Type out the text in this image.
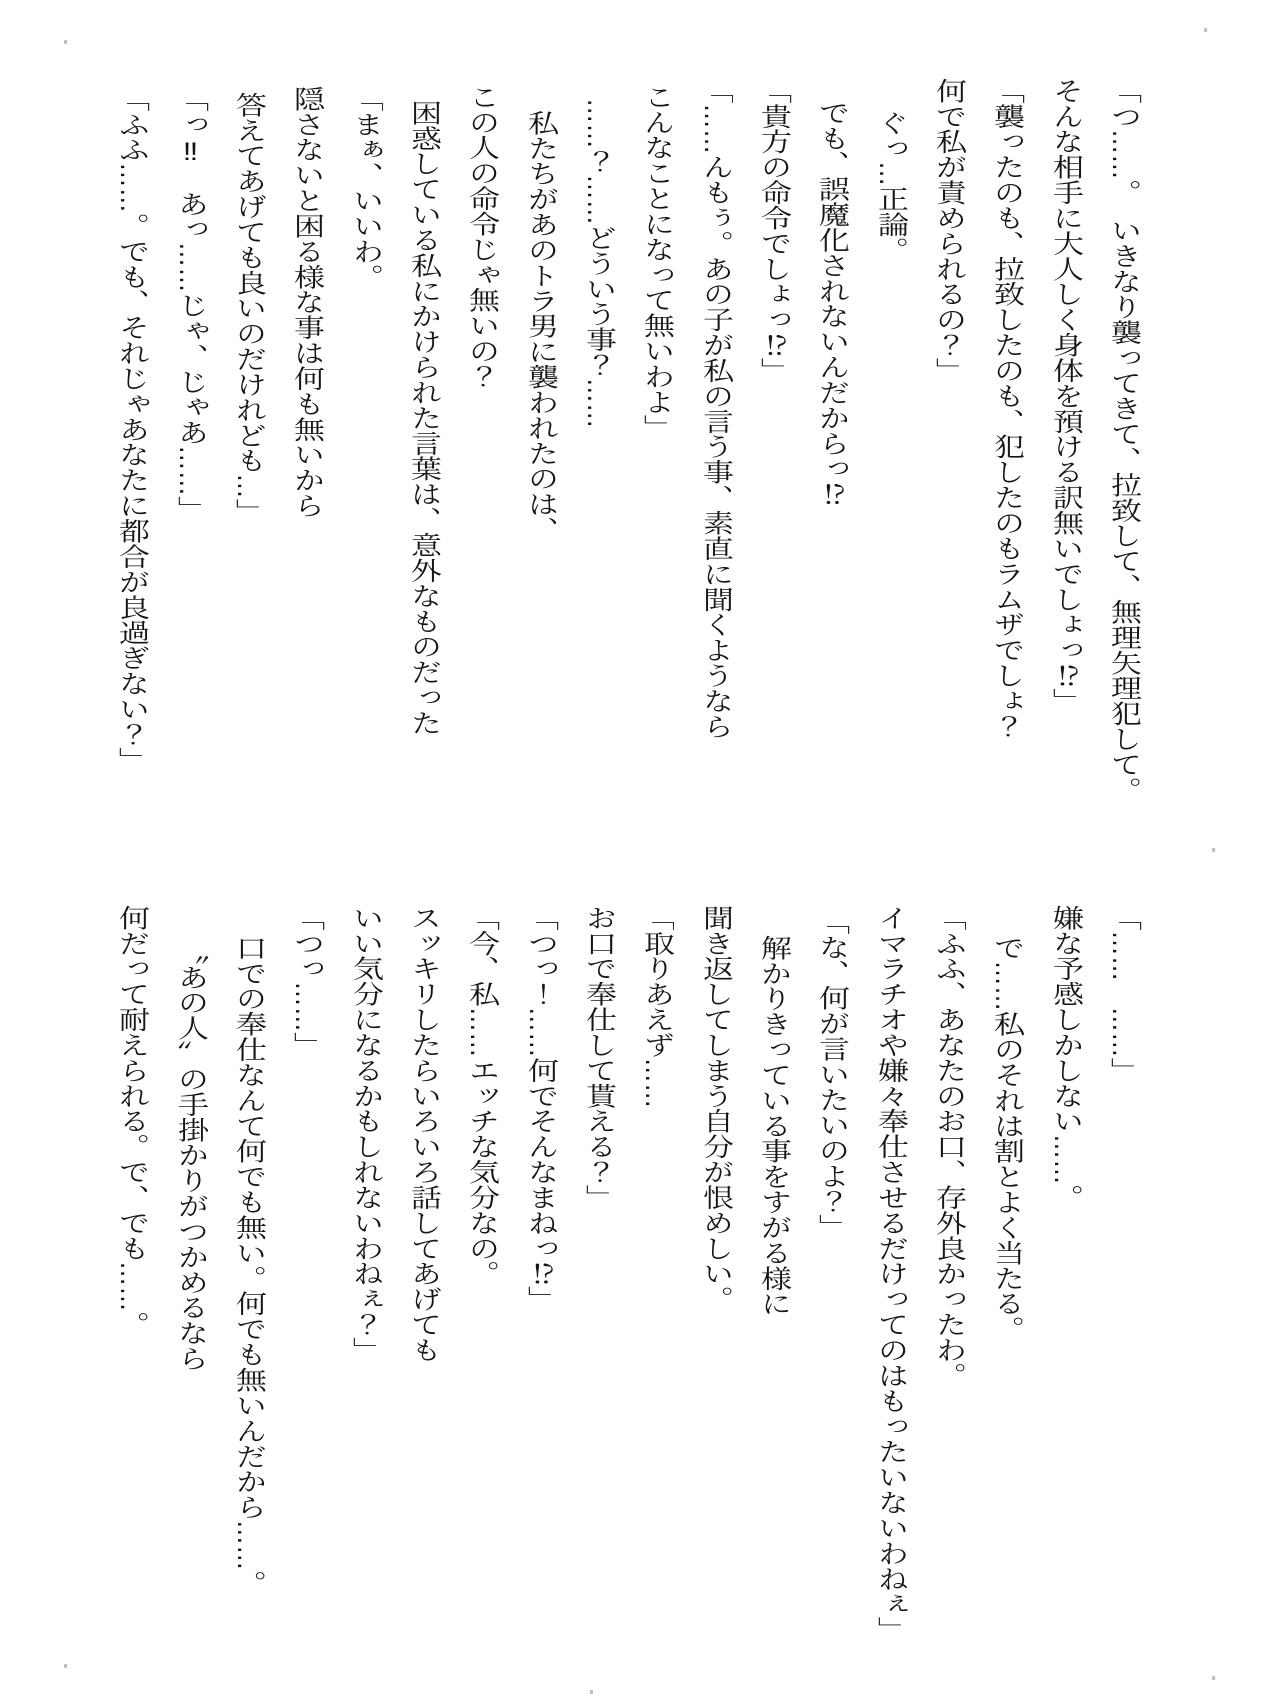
「つ……。　いきなり襲ってきて、拉致して、無理矢理犯して。
そんな相手に大人しく身体を預ける訳無いでしょっ⁉」
「襲ったのも、拉致したのも、犯したのもラムザでしょ？
何で私が責められるの？」
ぐっ…正論。
でも、誤魔化されないんだからっ⁉
「貴方の命令でしょっ⁉」
「……んもぅ。あの子が私の言う事、素直に聞くようなら
こんなことになって無いわよ」
……？……どういう事？……
私たちがあのトラ男に襲われたのは、
この人の命令じゃ無いの？
困惑している私にかけられた言葉は、意外なものだった
「まぁ、いいわ。
隠さないと困る様な事は何も無いから
答えてあげても良いのだけれども…」
「っ‼　あっ……じゃ、じゃあ……」
「ふふ……。でも、それじゃあなたに都合が良過ぎない？」
「……　……」
嫌な予感しかしない……。
で……私のそれは割とよく当たる。
「ふふ、あなたのお口、存外良かったわ。
イマラチオや嫌々奉仕させるだけってのはもったいないわねぇ」
「な、何が言いたいのよ？」
解かりきっている事をすがる様に
聞き返してしまう自分が恨めしい。
「取りあえず……
お口で奉仕して貰える？」
「つっ！……何でそんなまねっ⁉」
「今、私……エッチな気分なの。
スッキリしたらいろいろ話してあげても
いい気分になるかもしれないわねぇ？」
「つっ……」
口での奉仕なんて何でも無い。何でも無いんだから……。
〝あの人〟の手掛かりがつかめるなら
何だって耐えられる。で、でも……。
